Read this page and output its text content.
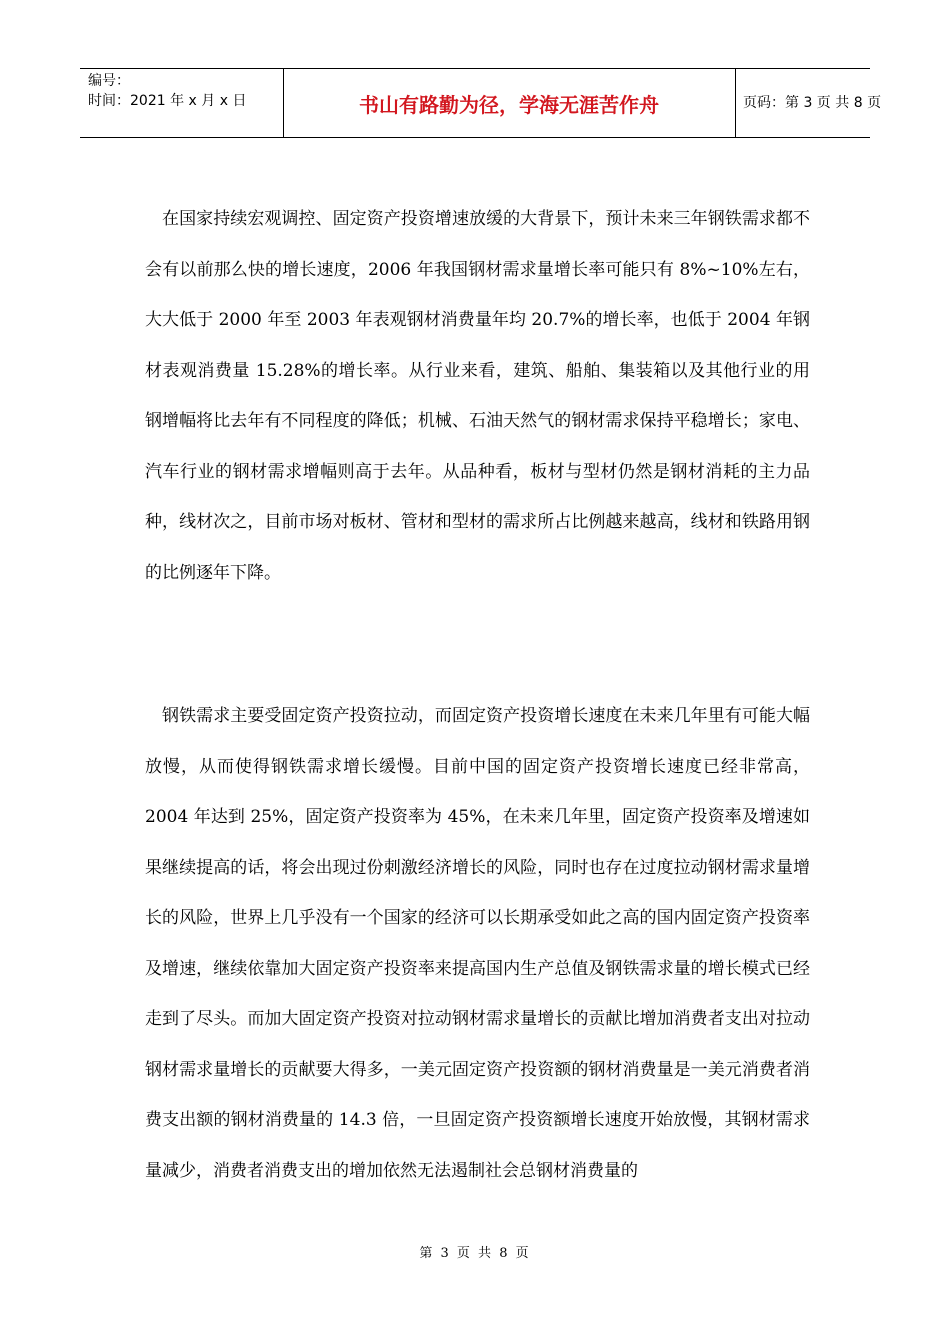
编号：
时间：2021 年 x 月 x 日	书山有路勤为径，学海无涯苦作舟	页码：第 3 页 共 8 页

　在国家持续宏观调控、固定资产投资增速放缓的大背景下，预计未来三年钢铁需求都不会有以前那么快的增长速度，2006 年我国钢材需求量增长率可能只有 8%~10%左右，大大低于 2000 年至 2003 年表观钢材消费量年均 20.7%的增长率，也低于 2004 年钢材表观消费量 15.28%的增长率。从行业来看，建筑、船舶、集装箱以及其他行业的用钢增幅将比去年有不同程度的降低；机械、石油天然气的钢材需求保持平稳增长；家电、汽车行业的钢材需求增幅则高于去年。从品种看，板材与型材仍然是钢材消耗的主力品种，线材次之，目前市场对板材、管材和型材的需求所占比例越来越高，线材和铁路用钢的比例逐年下降。

　钢铁需求主要受固定资产投资拉动，而固定资产投资增长速度在未来几年里有可能大幅放慢，从而使得钢铁需求增长缓慢。目前中国的固定资产投资增长速度已经非常高，2004 年达到 25%，固定资产投资率为 45%，在未来几年里，固定资产投资率及增速如果继续提高的话，将会出现过份刺激经济增长的风险，同时也存在过度拉动钢材需求量增长的风险，世界上几乎没有一个国家的经济可以长期承受如此之高的国内固定资产投资率及增速，继续依靠加大固定资产投资率来提高国内生产总值及钢铁需求量的增长模式已经走到了尽头。而加大固定资产投资对拉动钢材需求量增长的贡献比增加消费者支出对拉动钢材需求量增长的贡献要大得多，一美元固定资产投资额的钢材消费量是一美元消费者消费支出额的钢材消费量的 14.3 倍，一旦固定资产投资额增长速度开始放慢，其钢材需求量减少，消费者消费支出的增加依然无法遏制社会总钢材消费量的

第 3 页 共 8 页
